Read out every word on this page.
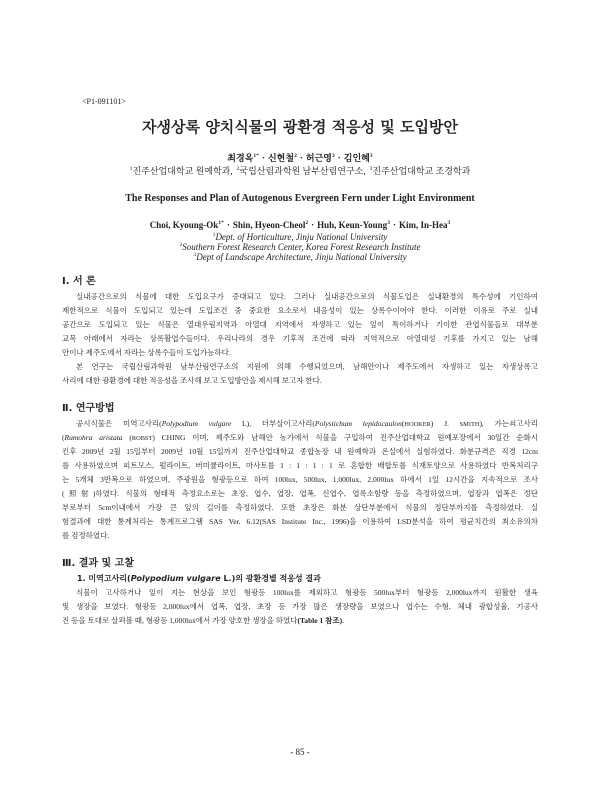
<P1-091101>
자생상록 양치식물의 광환경 적응성 및 도입방안
최경옥$^{1*}$ · 신현철$^2$ · 허근영$^3$ · 김인혜$^3$
$^1$진주산업대학교 원예학과, $^2$국립산림과학원 남부산림연구소, $^3$진주산업대학교 조경학과
The Responses and Plan of Autogenous Evergreen Fern under Light Environment
Choi, Kyoung-$Ok^{1*}$ · Shin, Hyeon-Cheol$^2$ · Huh, Keun-Young$^3$ · Kim, In-Hea$^3$
$^1$Dept. of Horticulture, Jinju National University
$^2$Southern Forest Research Center, Korea Forest Research Institute
$^3$Dept of Landscape Architecture, Jinju National University
Ⅰ. 서 론
실내공간으로의 식물에 대한 도입요구가 증대되고 있다. 그러나 실내공간으로의 식물도입은 실내환경의 특수성에 기인하여
제한적으로 식물이 도입되고 있는데 도입조건 중 중요한 요소로서 내음성이 있는 상록수이어야 한다. 이러한 이유로 주로 실내
공간으로 도입되고 있는 식물은 열대우림지역과 아열대 지역에서 자생하고 있는 잎이 특이하거나 기이한 관엽식물들로 대부분
교목 아래에서 자라는 상록활엽수들이다. 우리나라의 경우 기후적 조건에 따라 지역적으로 아열대성 기후를 가지고 있는 남해
안이나 제주도에서 자라는 상록수들이 도입가능하다.
본 연구는 국립산림과학원 남부산림연구소의 지원에 의해 수행되었으며, 남해안이나 제주도에서 자생하고 있는 자생상록고
사리에 대한 광환경에 대한 적응성을 조사해 보고 도입방안을 제시해 보고자 한다.
Ⅱ. 연구방법
공시식물은 미역고사리(Polypodium vulgare L), 더부살이고사리(Polystichum lepidocaulon(HOOKER) J. SMITH), 가는쇠고사리
(Rumohra aristata (ROBST) CHING 이며, 제주도와 남해안 농가에서 식물을 구입하여 진주산업대학교 원예포장에서 30일간 순화시
킨후 2009년 2월 15일부터 2009년 10월 15일까지 진주산업대학교 종합농장 내 원예학과 온실에서 실험하였다. 화분규격은 직경 12cm
를 사용하였으며 피트모스, 펄라이트, 버미큘라이트, 마사토를 1 : 1 : 1 : 1 로 혼합한 배합토를 식재토양으로 사용하였다 반복처리구
는 5개체 3반복으로 하였으며, 주광원을 형광등으로 하여 100lux, 500lux, 1,000lux, 2,000lux 하에서 1일 12시간을 지속적으로 조사
(照射)하였다. 식물의 형태적 측정요소로는 초장, 엽수, 엽장, 엽폭, 신엽수, 엽록소함량 등을 측정하였으며, 엽장과 엽폭은 정단
부로부터 5cm이내에서 가장 큰 잎의 길이를 측정하였다. 또한 초장은 화분 상단부분에서 식물의 정단부까지를 측정하였다. 실
험결과에 대한 통계처리는 통계프로그램 SAS Ver. 6.12(SAS Institute Inc., 1996)을 이용하여 LSD분석을 하여 평균치간의 최소유의차
를 검정하였다.
Ⅲ. 결과 및 고찰
1. 미역고사리(Polypodium vulgare L.)의 광환경별 적응성 결과
식물이 고사하거나 잎이 지는 현상을 보인 형광등 100lux를 제외하고 형광등 500lux부터 형광등 2,000lux까지 원활한 생육
및 생장을 보였다. 형광등 2,000lux에서 엽폭, 엽장, 초장 등 가장 많은 생장량을 보였으나 엽수는 수형, 체내 광합성율, 기공사
진 등을 토대로 살펴볼 때, 형광등 1,000lux에서 가장 양호한 생장을 하였다(Table 1 참조).
- 85 -
